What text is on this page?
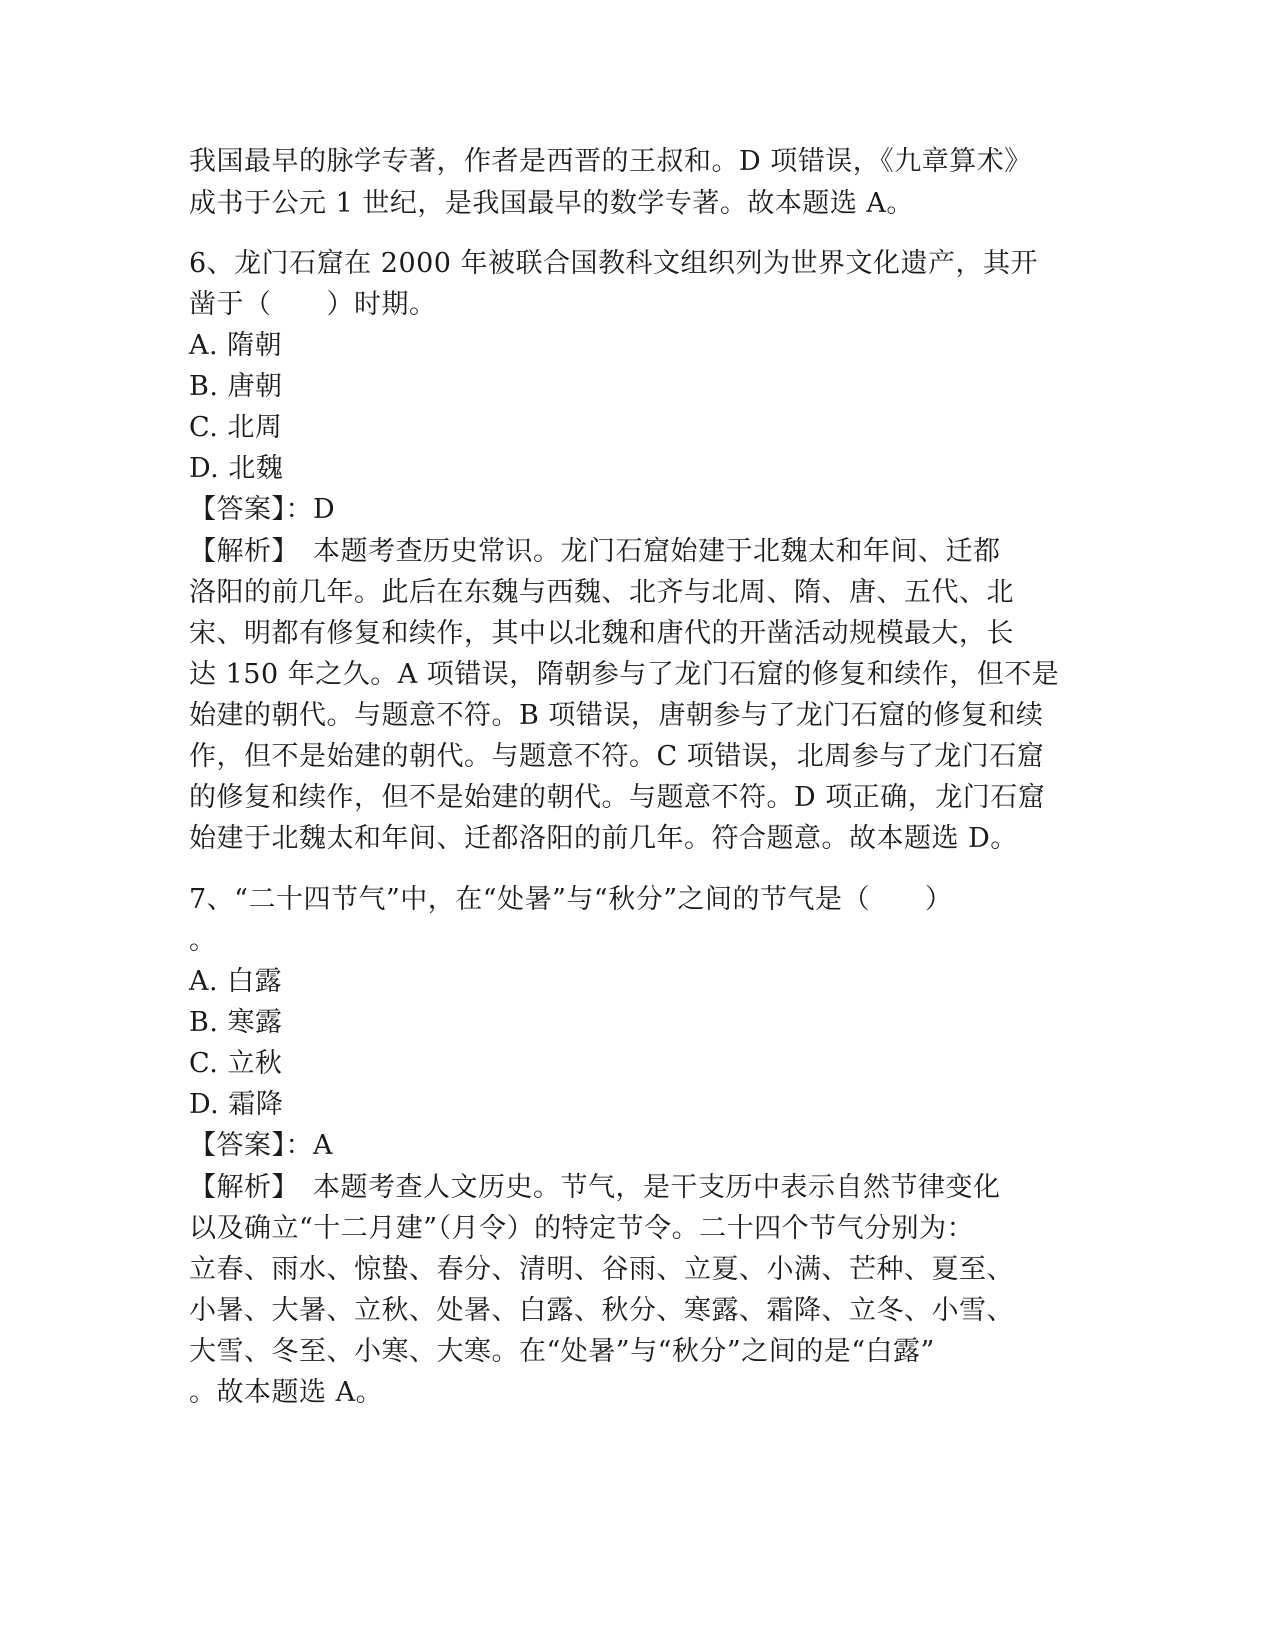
我国最早的脉学专著，作者是西晋的王叔和。D 项错误，《九章算术》
成书于公元 1 世纪，是我国最早的数学专著。故本题选 A。
6、龙门石窟在 2000 年被联合国教科文组织列为世界文化遗产，其开
凿于（　　）时期。
A. 隋朝
B. 唐朝
C. 北周
D. 北魏
【答案】：D
【解析】　本题考查历史常识。龙门石窟始建于北魏太和年间、迁都
洛阳的前几年。此后在东魏与西魏、北齐与北周、隋、唐、五代、北
宋、明都有修复和续作，其中以北魏和唐代的开凿活动规模最大，长
达 150 年之久。A 项错误，隋朝参与了龙门石窟的修复和续作，但不是
始建的朝代。与题意不符。B 项错误，唐朝参与了龙门石窟的修复和续
作，但不是始建的朝代。与题意不符。C 项错误，北周参与了龙门石窟
的修复和续作，但不是始建的朝代。与题意不符。D 项正确，龙门石窟
始建于北魏太和年间、迁都洛阳的前几年。符合题意。故本题选 D。
7、“二十四节气”中，在“处暑”与“秋分”之间的节气是（　　）
。
A. 白露
B. 寒露
C. 立秋
D. 霜降
【答案】：A
【解析】　本题考查人文历史。节气，是干支历中表示自然节律变化
以及确立“十二月建”（月令）的特定节令。二十四个节气分别为：
立春、雨水、惊蛰、春分、清明、谷雨、立夏、小满、芒种、夏至、
小暑、大暑、立秋、处暑、白露、秋分、寒露、霜降、立冬、小雪、
大雪、冬至、小寒、大寒。在“处暑”与“秋分”之间的是“白露”
。故本题选 A。
